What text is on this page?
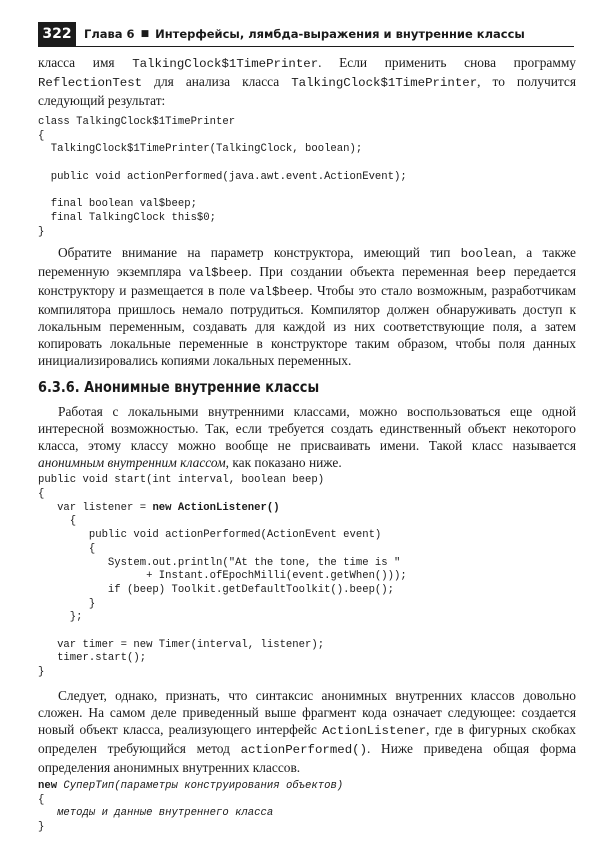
322	Глава 6 ■ Интерфейсы, лямбда-выражения и внутренние классы

класса имя TalkingClock$1TimePrinter. Если применить снова программу ReflectionTest для анализа класса TalkingClock$1TimePrinter, то получится следующий результат:

class TalkingClock$1TimePrinter
{
TalkingClock$1TimePrinter(TalkingClock, boolean);

public void actionPerformed(java.awt.event.ActionEvent);

final boolean val$beep;
final TalkingClock this$0;
}

Обратите внимание на параметр конструктора, имеющий тип boolean, а также переменную экземпляра val$beep. При создании объекта переменная beep передается конструктору и размещается в поле val$beep. Чтобы это стало возможным, разработчикам компилятора пришлось немало потрудиться. Компилятор должен обнаруживать доступ к локальным переменным, создавать для каждой из них соответствующие поля, а затем копировать локальные переменные в конструкторе таким образом, чтобы поля данных инициализировались копиями локальных переменных.

6.3.6. Анонимные внутренние классы

Работая с локальными внутренними классами, можно воспользоваться еще одной интересной возможностью. Так, если требуется создать единственный объект некоторого класса, этому классу можно вообще не присваивать имени. Такой класс называется анонимным внутренним классом, как показано ниже.

public void start(int interval, boolean beep)
{
var listener = new ActionListener()
{
public void actionPerformed(ActionEvent event)
{
System.out.println("At the tone, the time is "
+ Instant.ofEpochMilli(event.getWhen()));
if (beep) Toolkit.getDefaultToolkit().beep();
}
};

var timer = new Timer(interval, listener);
timer.start();
}

Следует, однако, признать, что синтаксис анонимных внутренних классов довольно сложен. На самом деле приведенный выше фрагмент кода означает следующее: создается новый объект класса, реализующего интерфейс ActionListener, где в фигурных скобках определен требующийся метод actionPerformed(). Ниже приведена общая форма определения анонимных внутренних классов.

new СуперТип(параметры конструирования объектов)
{
методы и данные внутреннего класса
}
